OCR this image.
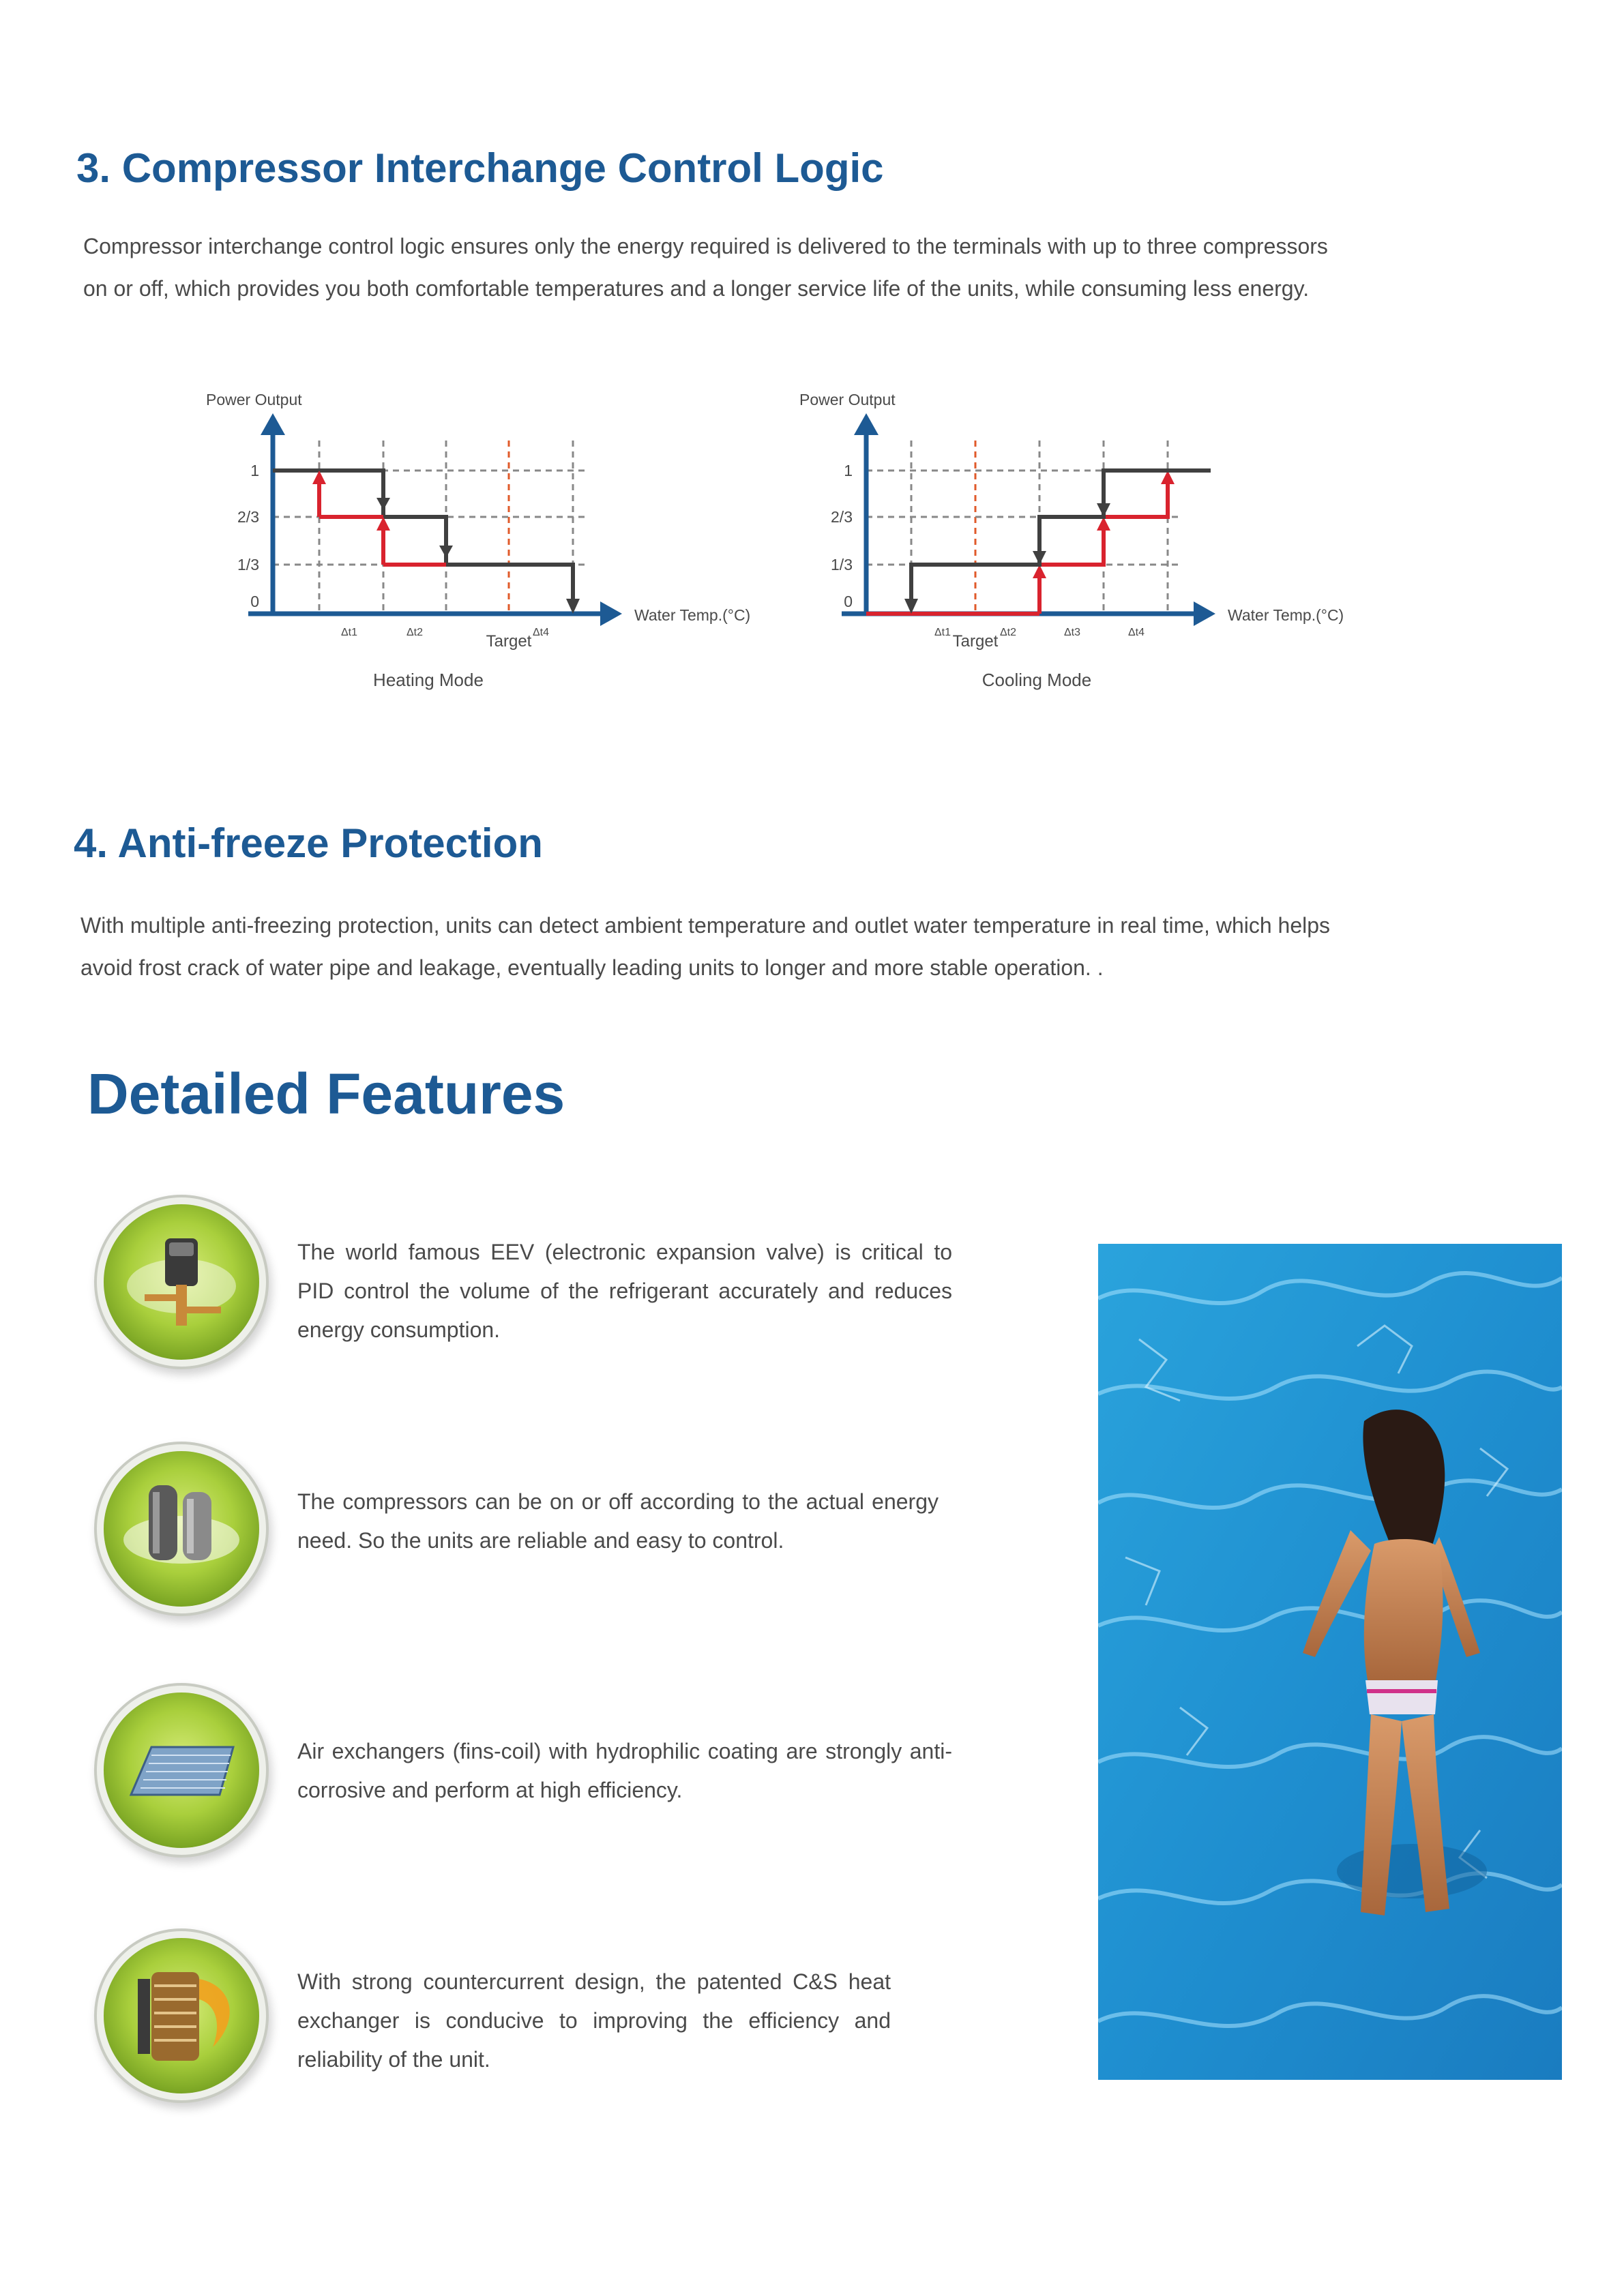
3. Compressor Interchange Control Logic

Compressor interchange control logic ensures only the energy required is delivered to the terminals with up to three compressors
on or off, which provides you both comfortable temperatures and a longer service life of the units, while consuming less energy.

Power Output
1
2/3
1/3
0
Δt1	Δt2	Δt4
Target
Water Temp.(°C)
Heating Mode
Power Output
1
2/3
1/3
0
Δt1	Δt2	Δt3	Δt4
Target
Water Temp.(°C)
Cooling Mode
4. Anti-freeze Protection

With multiple anti-freezing protection, units can detect ambient temperature and outlet water temperature in real time, which helps
avoid frost crack of water pipe and leakage, eventually leading units to longer and more stable operation. .

Detailed Features

The world famous EEV (electronic expansion valve) is critical to PID control the volume of the refrigerant accurately and reduces energy consumption.

The compressors can be on or off according to the actual energy need. So the units are reliable and easy to control.

Air exchangers (fins-coil) with hydrophilic coating are strongly anti-corrosive and perform at high efficiency.

With strong countercurrent design, the patented C&S heat exchanger is conducive to improving the efficiency and reliability of the unit.
